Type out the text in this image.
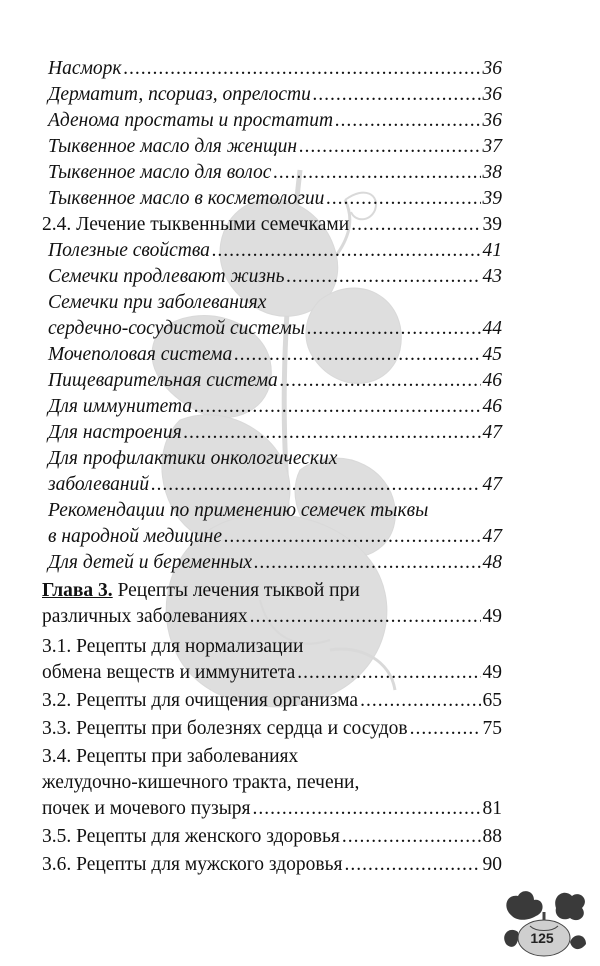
Насморк .....	36
Дерматит, псориаз, опрелости .....	36
Аденома простаты и простатит .....	36
Тыквенное масло для женщин .....	37
Тыквенное масло для волос .....	38
Тыквенное масло в косметологии .....	39
2.4. Лечение тыквенными семечками .....	39
Полезные свойства .....	41
Семечки продлевают жизнь .....	43
Семечки при заболеваниях
сердечно-сосудистой системы .....	44
Мочеполовая система .....	45
Пищеварительная система .....	46
Для иммунитета .....	46
Для настроения .....	47
Для профилактики онкологических
заболеваний .....	47
Рекомендации по применению семечек тыквы
в народной медицине .....	47
Для детей и беременных .....	48
Глава 3. Рецепты лечения тыквой при
различных заболеваниях .....	49
3.1. Рецепты для нормализации
обмена веществ и иммунитета .....	49
3.2. Рецепты для очищения организма .....	65
3.3. Рецепты при болезнях сердца и сосудов .....	75
3.4. Рецепты при заболеваниях
желудочно-кишечного тракта, печени,
почек и мочевого пузыря .....	81
3.5. Рецепты для женского здоровья .....	88
3.6. Рецепты для мужского здоровья .....	90
125
